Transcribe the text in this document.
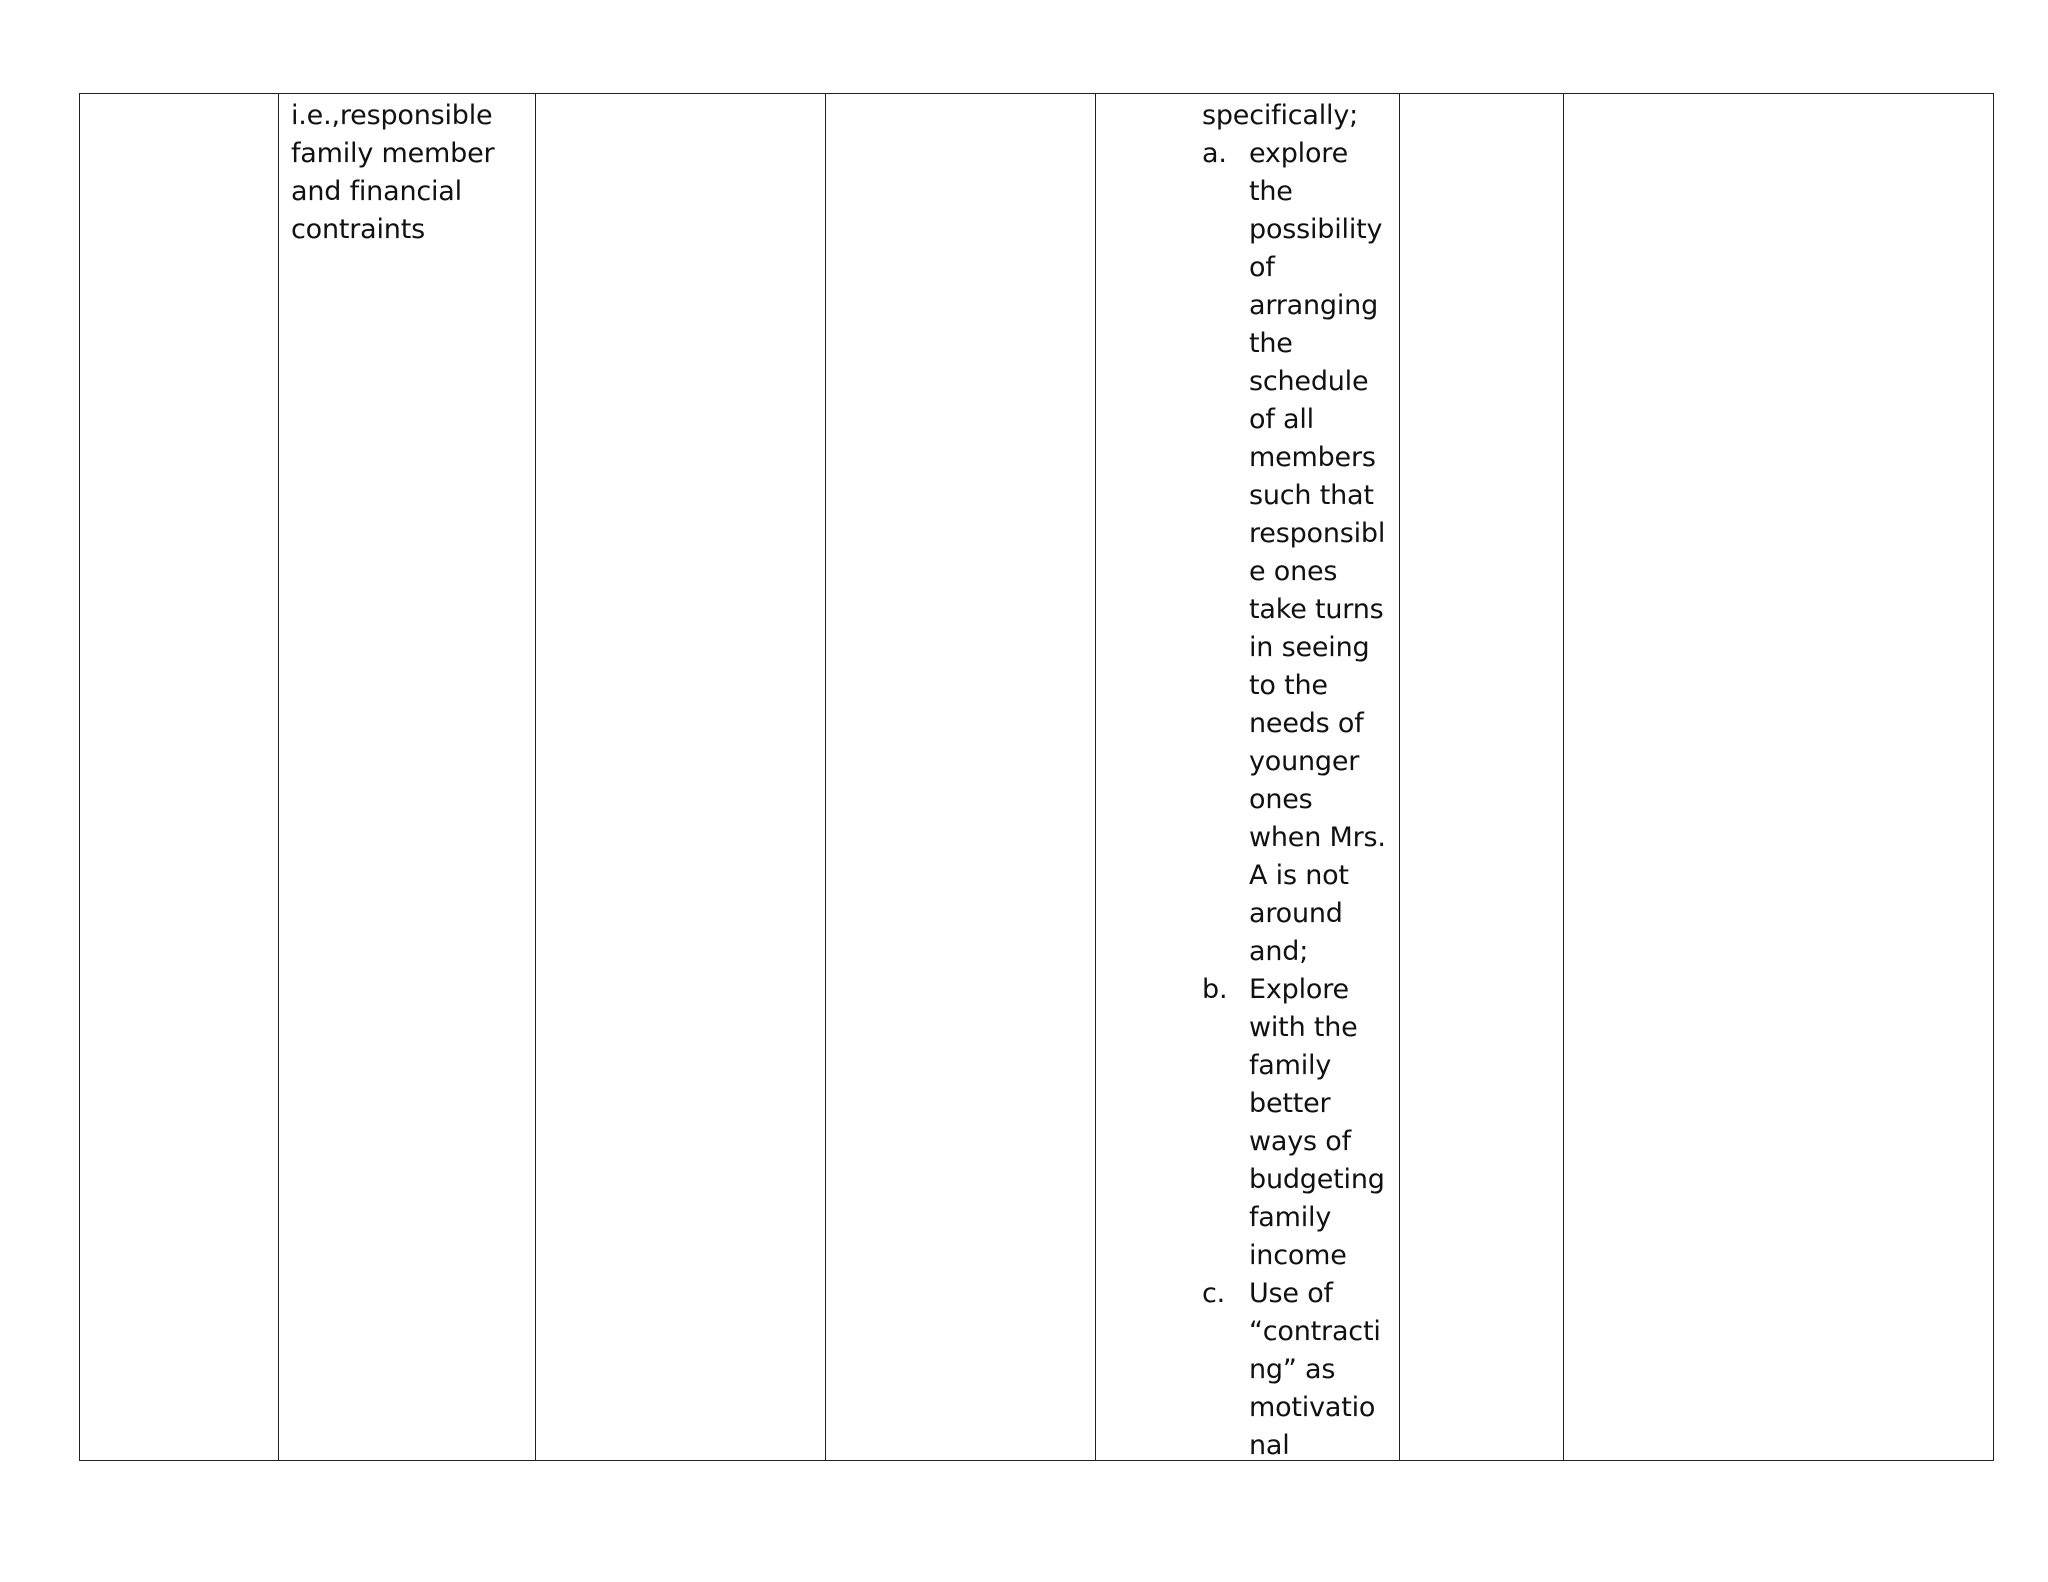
i.e.,responsible
family member
and financial
contraints
specifically;
a. explore
the
possibility
of
arranging
the
schedule
of all
members
such that
responsibl
e ones
take turns
in seeing
to the
needs of
younger
ones
when Mrs.
A is not
around
and;
b. Explore
with the
family
better
ways of
budgeting
family
income
c. Use of
“contracti
ng” as
motivatio
nal
